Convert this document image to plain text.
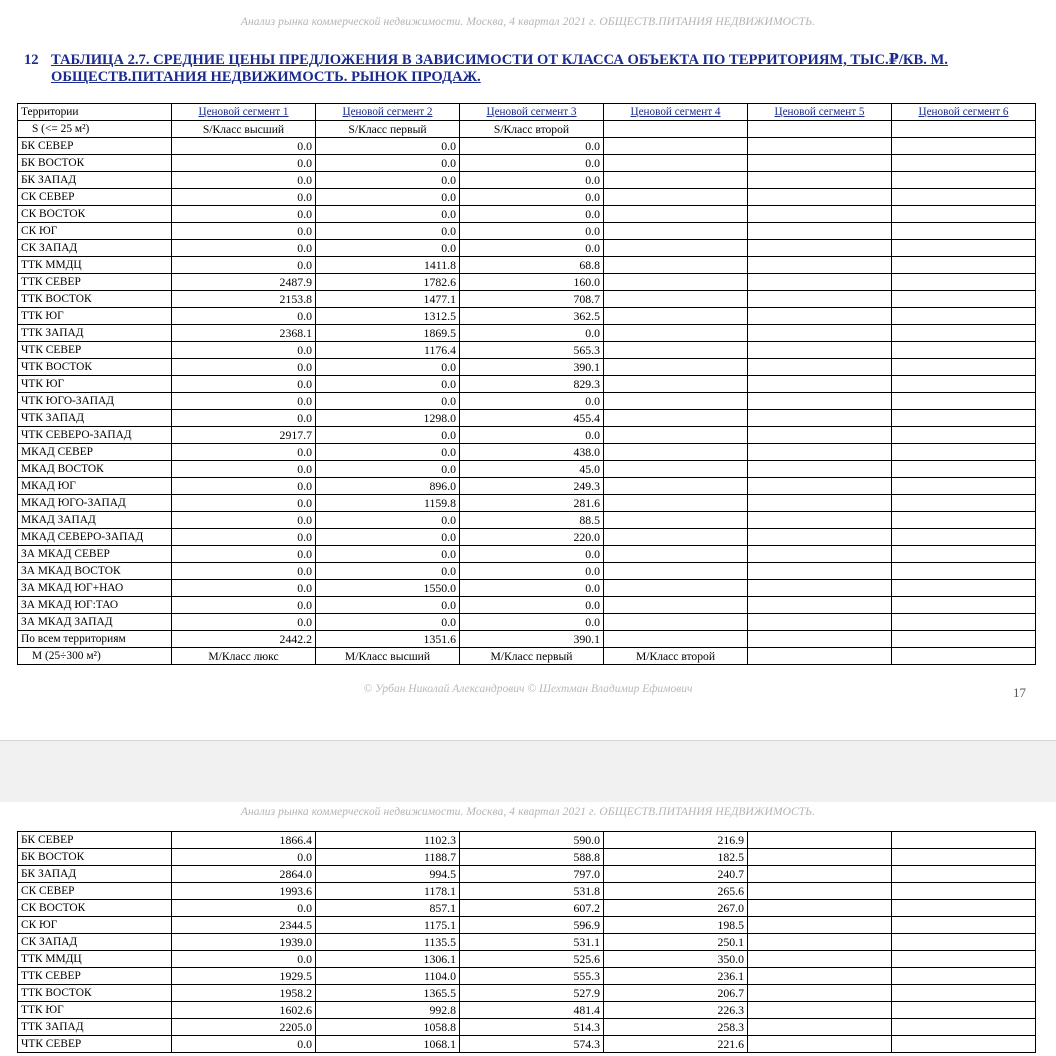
Анализ рынка коммерческой недвижимости. Москва, 4 квартал 2021 г. ОБЩЕСТВ.ПИТАНИЯ НЕДВИЖИМОСТЬ.
12 ТАБЛИЦА 2.7. СРЕДНИЕ ЦЕНЫ ПРЕДЛОЖЕНИЯ В ЗАВИСИМОСТИ ОТ КЛАССА ОБЪЕКТА ПО ТЕРРИТОРИЯМ, ТЫС.₽/КВ. М. ОБЩЕСТВ.ПИТАНИЯ НЕДВИЖИМОСТЬ. РЫНОК ПРОДАЖ.
Территории	Ценовой сегмент 1	Ценовой сегмент 2	Ценовой сегмент 3	Ценовой сегмент 4	Ценовой сегмент 5	Ценовой сегмент 6
S (<= 25 м²)	S/Класс высший	S/Класс первый	S/Класс второй			
БК СЕВЕР	0.0	0.0	0.0			
БК ВОСТОК	0.0	0.0	0.0			
БК ЗАПАД	0.0	0.0	0.0			
СК СЕВЕР	0.0	0.0	0.0			
СК ВОСТОК	0.0	0.0	0.0			
СК ЮГ	0.0	0.0	0.0			
СК ЗАПАД	0.0	0.0	0.0			
ТТК ММДЦ	0.0	1411.8	68.8			
ТТК СЕВЕР	2487.9	1782.6	160.0			
ТТК ВОСТОК	2153.8	1477.1	708.7			
ТТК ЮГ	0.0	1312.5	362.5			
ТТК ЗАПАД	2368.1	1869.5	0.0			
ЧТК СЕВЕР	0.0	1176.4	565.3			
ЧТК ВОСТОК	0.0	0.0	390.1			
ЧТК ЮГ	0.0	0.0	829.3			
ЧТК ЮГО-ЗАПАД	0.0	0.0	0.0			
ЧТК ЗАПАД	0.0	1298.0	455.4			
ЧТК СЕВЕРО-ЗАПАД	2917.7	0.0	0.0			
МКАД СЕВЕР	0.0	0.0	438.0			
МКАД ВОСТОК	0.0	0.0	45.0			
МКАД ЮГ	0.0	896.0	249.3			
МКАД ЮГО-ЗАПАД	0.0	1159.8	281.6			
МКАД ЗАПАД	0.0	0.0	88.5			
МКАД СЕВЕРО-ЗАПАД	0.0	0.0	220.0			
ЗА МКАД СЕВЕР	0.0	0.0	0.0			
ЗА МКАД ВОСТОК	0.0	0.0	0.0			
ЗА МКАД ЮГ+НАО	0.0	1550.0	0.0			
ЗА МКАД ЮГ:ТАО	0.0	0.0	0.0			
ЗА МКАД ЗАПАД	0.0	0.0	0.0			
По всем территориям	2442.2	1351.6	390.1			
М (25÷300 м²)	М/Класс люкс	М/Класс высший	М/Класс первый	М/Класс второй		
© Урбан Николай Александрович © Шехтман Владимир Ефимович	17
Анализ рынка коммерческой недвижимости. Москва, 4 квартал 2021 г. ОБЩЕСТВ.ПИТАНИЯ НЕДВИЖИМОСТЬ.
БК СЕВЕР	1866.4	1102.3	590.0	216.9		
БК ВОСТОК	0.0	1188.7	588.8	182.5		
БК ЗАПАД	2864.0	994.5	797.0	240.7		
СК СЕВЕР	1993.6	1178.1	531.8	265.6		
СК ВОСТОК	0.0	857.1	607.2	267.0		
СК ЮГ	2344.5	1175.1	596.9	198.5		
СК ЗАПАД	1939.0	1135.5	531.1	250.1		
ТТК ММДЦ	0.0	1306.1	525.6	350.0		
ТТК СЕВЕР	1929.5	1104.0	555.3	236.1		
ТТК ВОСТОК	1958.2	1365.5	527.9	206.7		
ТТК ЮГ	1602.6	992.8	481.4	226.3		
ТТК ЗАПАД	2205.0	1058.8	514.3	258.3		
ЧТК СЕВЕР	0.0	1068.1	574.3	221.6		
